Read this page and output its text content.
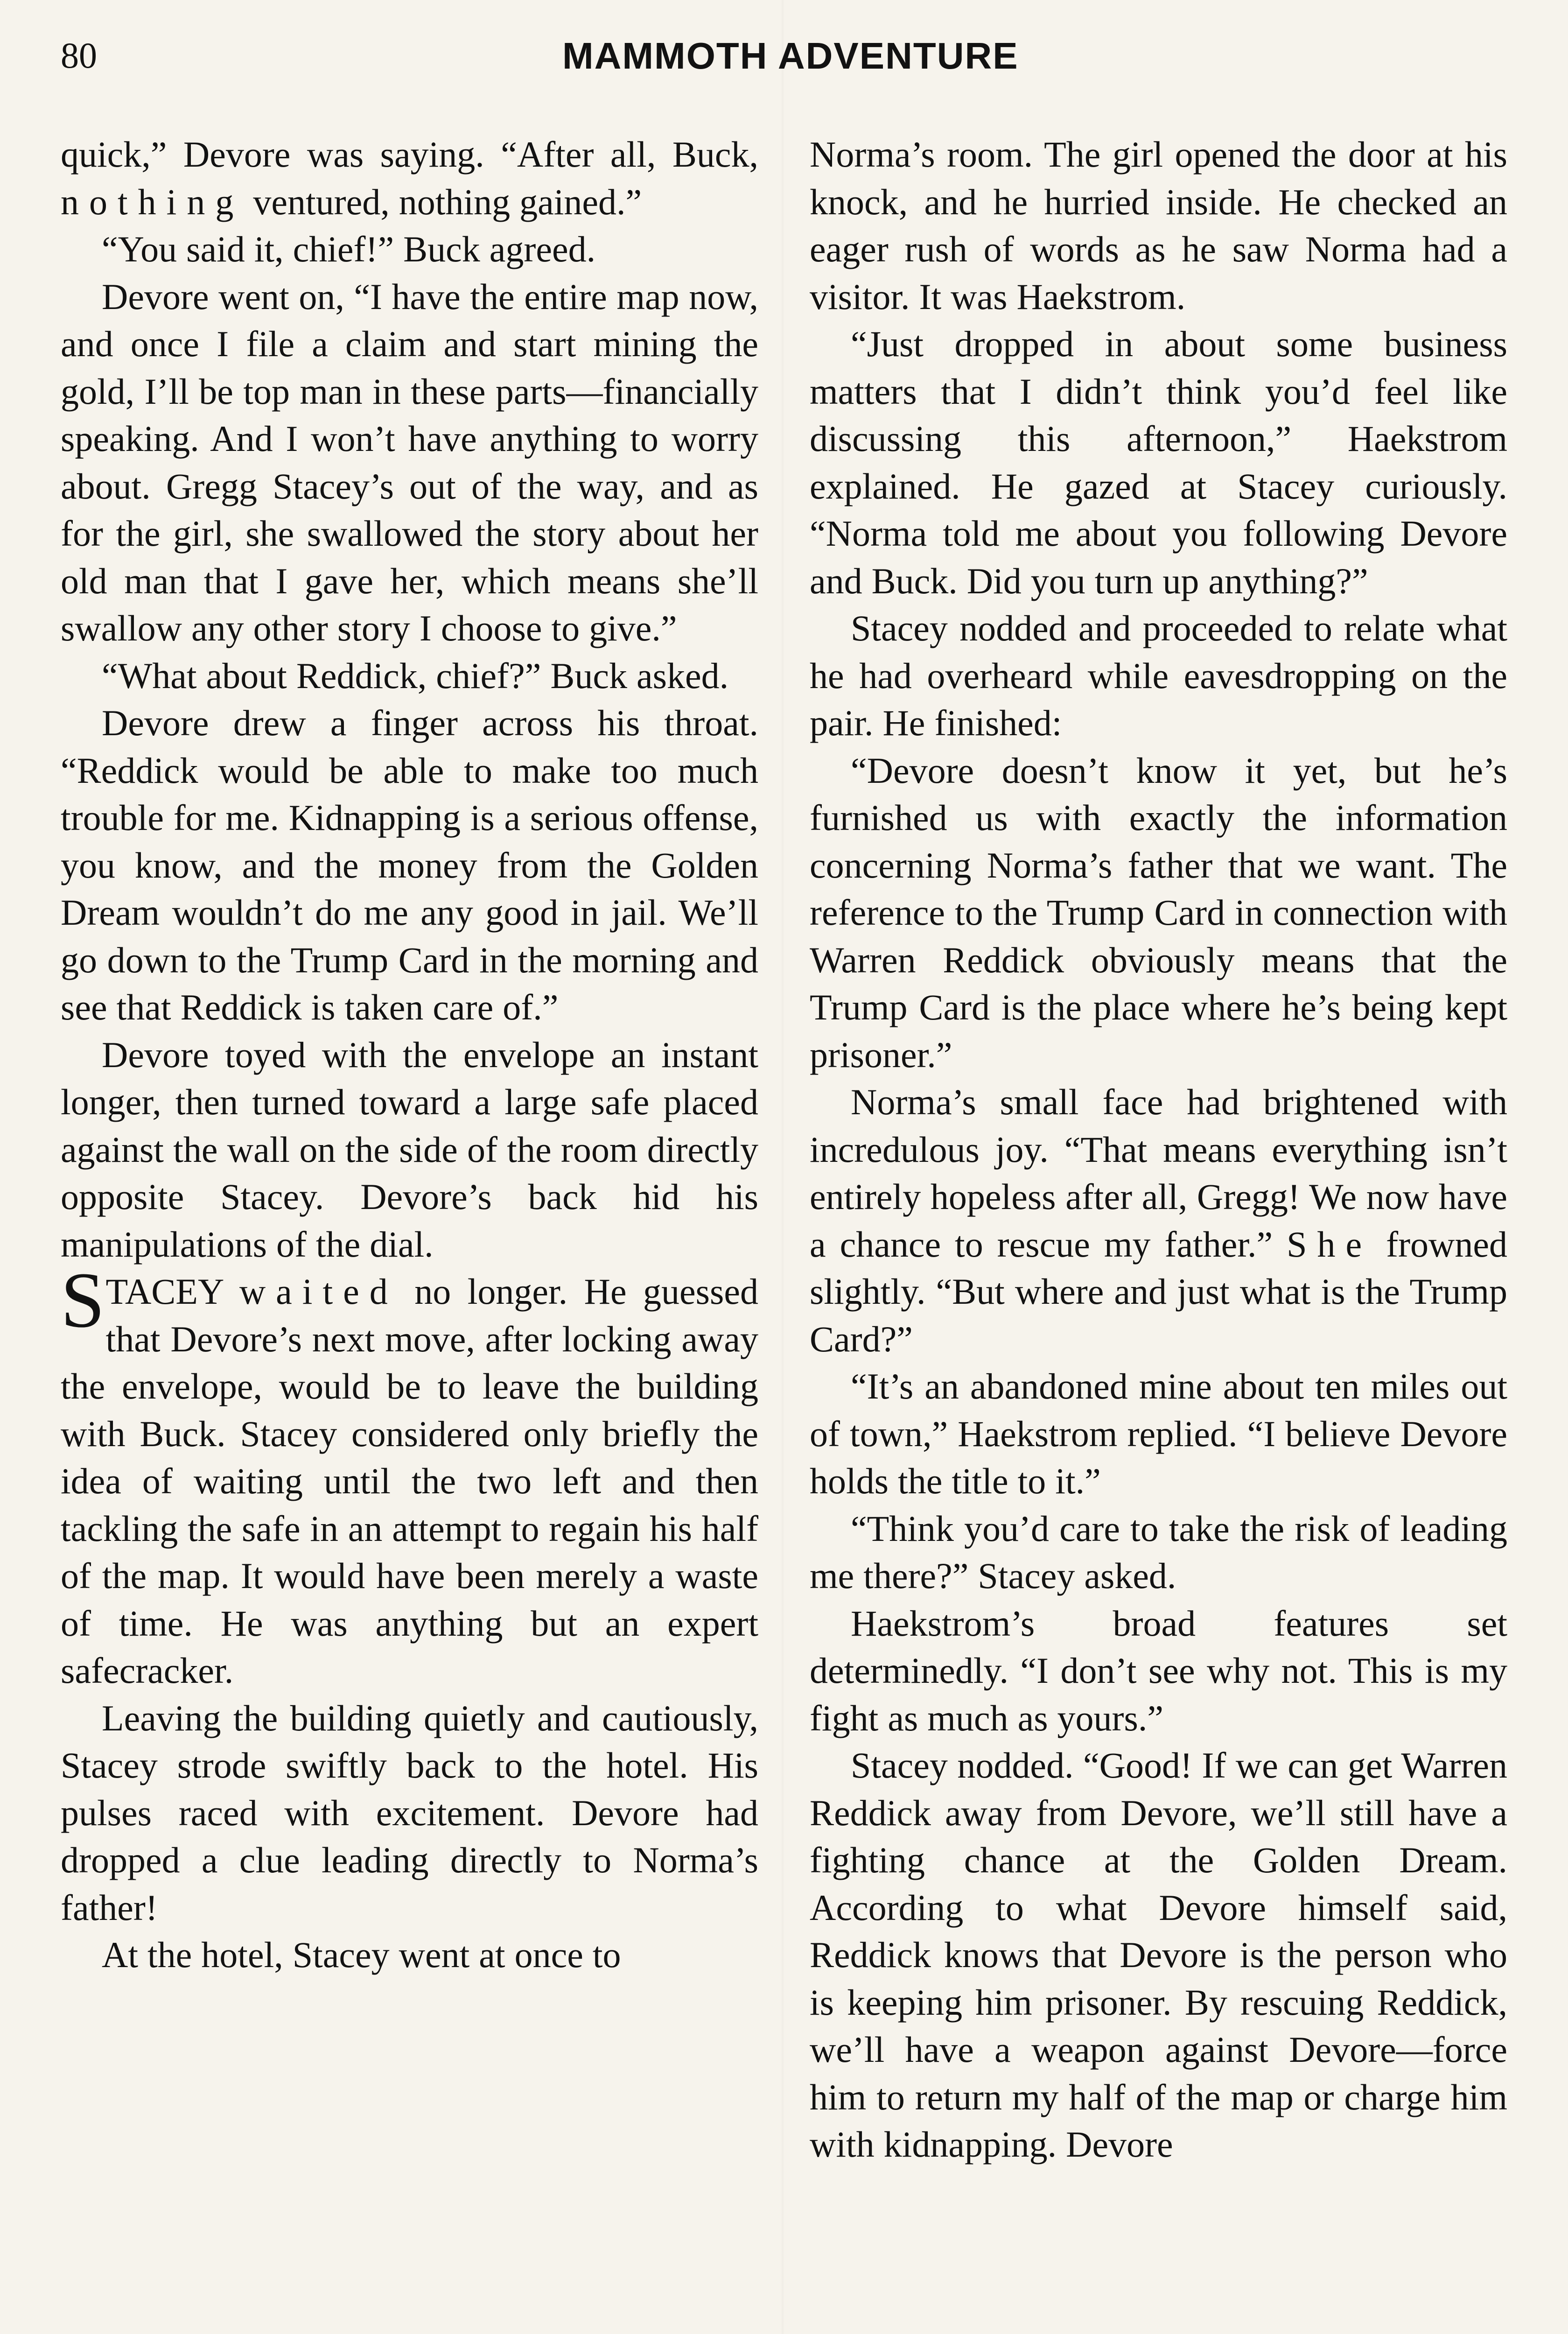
80	MAMMOTH ADVENTURE

quick,” Devore was saying. “After all, Buck, nothing ventured, nothing gained.”

“You said it, chief!” Buck agreed.

Devore went on, “I have the entire map now, and once I file a claim and start mining the gold, I’ll be top man in these parts—financially speaking. And I won’t have anything to worry about. Gregg Stacey’s out of the way, and as for the girl, she swallowed the story about her old man that I gave her, which means she’ll swallow any other story I choose to give.”

“What about Reddick, chief?” Buck asked.

Devore drew a finger across his throat. “Reddick would be able to make too much trouble for me. Kidnapping is a serious offense, you know, and the money from the Golden Dream wouldn’t do me any good in jail. We’ll go down to the Trump Card in the morning and see that Reddick is taken care of.”

Devore toyed with the envelope an instant longer, then turned toward a large safe placed against the wall on the side of the room directly opposite Stacey. Devore’s back hid his manipulations of the dial.

STACEY waited no longer. He guessed that Devore’s next move, after locking away the envelope, would be to leave the building with Buck. Stacey considered only briefly the idea of waiting until the two left and then tackling the safe in an attempt to regain his half of the map. It would have been merely a waste of time. He was anything but an expert safecracker.

Leaving the building quietly and cautiously, Stacey strode swiftly back to the hotel. His pulses raced with excitement. Devore had dropped a clue leading directly to Norma’s father!

At the hotel, Stacey went at once to

Norma’s room. The girl opened the door at his knock, and he hurried inside. He checked an eager rush of words as he saw Norma had a visitor. It was Haekstrom.

“Just dropped in about some business matters that I didn’t think you’d feel like discussing this afternoon,” Haekstrom explained. He gazed at Stacey curiously. “Norma told me about you following Devore and Buck. Did you turn up anything?”

Stacey nodded and proceeded to relate what he had overheard while eavesdropping on the pair. He finished:

“Devore doesn’t know it yet, but he’s furnished us with exactly the information concerning Norma’s father that we want. The reference to the Trump Card in connection with Warren Reddick obviously means that the Trump Card is the place where he’s being kept prisoner.”

Norma’s small face had brightened with incredulous joy. “That means everything isn’t entirely hopeless after all, Gregg! We now have a chance to rescue my father.” She frowned slightly. “But where and just what is the Trump Card?”

“It’s an abandoned mine about ten miles out of town,” Haekstrom replied. “I believe Devore holds the title to it.”

“Think you’d care to take the risk of leading me there?” Stacey asked.

Haekstrom’s broad features set determinedly. “I don’t see why not. This is my fight as much as yours.”

Stacey nodded. “Good! If we can get Warren Reddick away from Devore, we’ll still have a fighting chance at the Golden Dream. According to what Devore himself said, Reddick knows that Devore is the person who is keeping him prisoner. By rescuing Reddick, we’ll have a weapon against Devore—force him to return my half of the map or charge him with kidnapping. Devore
